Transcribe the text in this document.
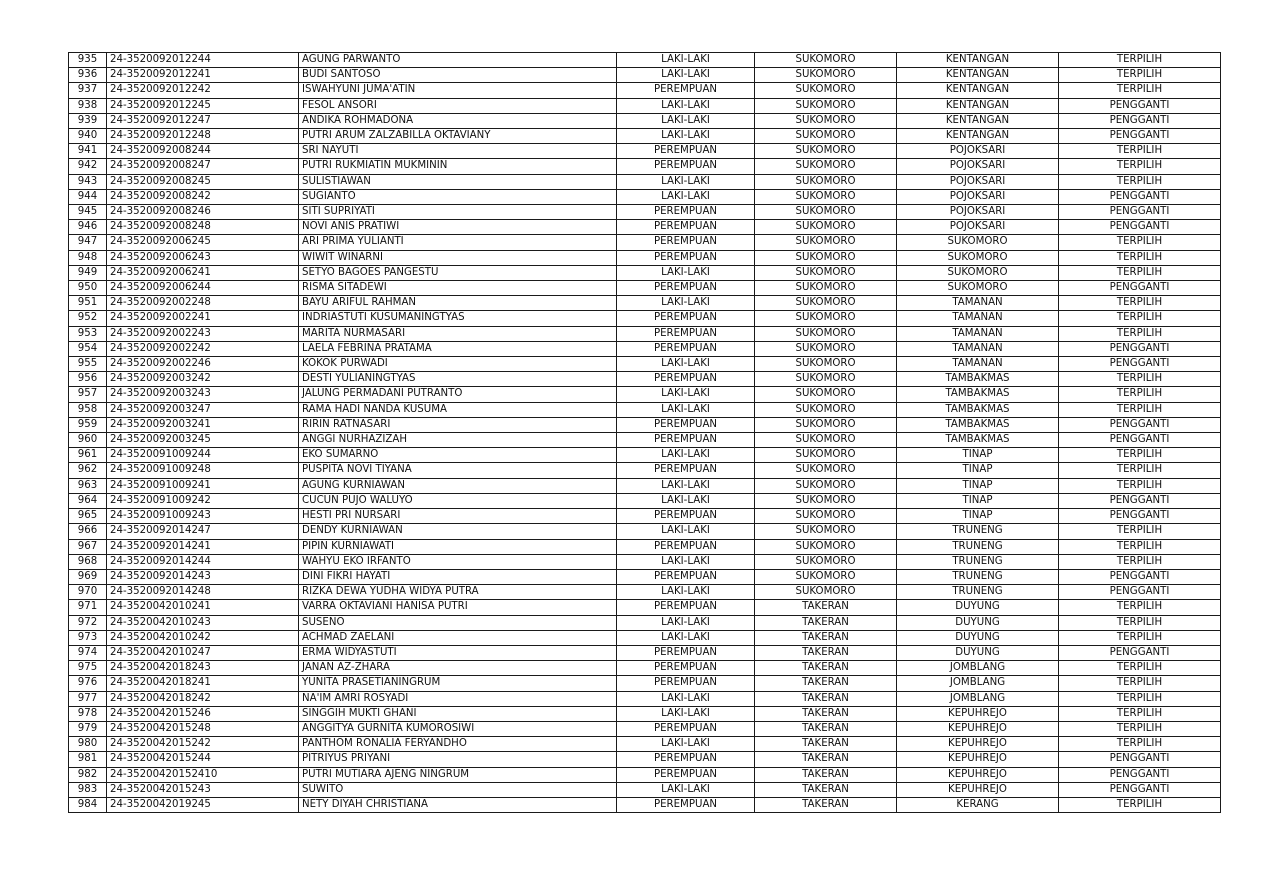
935	24-3520092012244	AGUNG PARWANTO	LAKI-LAKI	SUKOMORO	KENTANGAN	TERPILIH
936	24-3520092012241	BUDI SANTOSO	LAKI-LAKI	SUKOMORO	KENTANGAN	TERPILIH
937	24-3520092012242	ISWAHYUNI JUMA'ATIN	PEREMPUAN	SUKOMORO	KENTANGAN	TERPILIH
938	24-3520092012245	FESOL ANSORI	LAKI-LAKI	SUKOMORO	KENTANGAN	PENGGANTI
939	24-3520092012247	ANDIKA ROHMADONA	LAKI-LAKI	SUKOMORO	KENTANGAN	PENGGANTI
940	24-3520092012248	PUTRI ARUM ZALZABILLA OKTAVIANY	LAKI-LAKI	SUKOMORO	KENTANGAN	PENGGANTI
941	24-3520092008244	SRI NAYUTI	PEREMPUAN	SUKOMORO	POJOKSARI	TERPILIH
942	24-3520092008247	PUTRI RUKMIATIN MUKMININ	PEREMPUAN	SUKOMORO	POJOKSARI	TERPILIH
943	24-3520092008245	SULISTIAWAN	LAKI-LAKI	SUKOMORO	POJOKSARI	TERPILIH
944	24-3520092008242	SUGIANTO	LAKI-LAKI	SUKOMORO	POJOKSARI	PENGGANTI
945	24-3520092008246	SITI SUPRIYATI	PEREMPUAN	SUKOMORO	POJOKSARI	PENGGANTI
946	24-3520092008248	NOVI ANIS PRATIWI	PEREMPUAN	SUKOMORO	POJOKSARI	PENGGANTI
947	24-3520092006245	ARI PRIMA YULIANTI	PEREMPUAN	SUKOMORO	SUKOMORO	TERPILIH
948	24-3520092006243	WIWIT WINARNI	PEREMPUAN	SUKOMORO	SUKOMORO	TERPILIH
949	24-3520092006241	SETYO BAGOES PANGESTU	LAKI-LAKI	SUKOMORO	SUKOMORO	TERPILIH
950	24-3520092006244	RISMA SITADEWI	PEREMPUAN	SUKOMORO	SUKOMORO	PENGGANTI
951	24-3520092002248	BAYU ARIFUL RAHMAN	LAKI-LAKI	SUKOMORO	TAMANAN	TERPILIH
952	24-3520092002241	INDRIASTUTI KUSUMANINGTYAS	PEREMPUAN	SUKOMORO	TAMANAN	TERPILIH
953	24-3520092002243	MARITA NURMASARI	PEREMPUAN	SUKOMORO	TAMANAN	TERPILIH
954	24-3520092002242	LAELA FEBRINA PRATAMA	PEREMPUAN	SUKOMORO	TAMANAN	PENGGANTI
955	24-3520092002246	KOKOK PURWADI	LAKI-LAKI	SUKOMORO	TAMANAN	PENGGANTI
956	24-3520092003242	DESTI YULIANINGTYAS	PEREMPUAN	SUKOMORO	TAMBAKMAS	TERPILIH
957	24-3520092003243	JALUNG PERMADANI PUTRANTO	LAKI-LAKI	SUKOMORO	TAMBAKMAS	TERPILIH
958	24-3520092003247	RAMA HADI NANDA KUSUMA	LAKI-LAKI	SUKOMORO	TAMBAKMAS	TERPILIH
959	24-3520092003241	RIRIN RATNASARI	PEREMPUAN	SUKOMORO	TAMBAKMAS	PENGGANTI
960	24-3520092003245	ANGGI NURHAZIZAH	PEREMPUAN	SUKOMORO	TAMBAKMAS	PENGGANTI
961	24-3520091009244	EKO SUMARNO	LAKI-LAKI	SUKOMORO	TINAP	TERPILIH
962	24-3520091009248	PUSPITA NOVI TIYANA	PEREMPUAN	SUKOMORO	TINAP	TERPILIH
963	24-3520091009241	AGUNG KURNIAWAN	LAKI-LAKI	SUKOMORO	TINAP	TERPILIH
964	24-3520091009242	CUCUN PUJO WALUYO	LAKI-LAKI	SUKOMORO	TINAP	PENGGANTI
965	24-3520091009243	HESTI PRI NURSARI	PEREMPUAN	SUKOMORO	TINAP	PENGGANTI
966	24-3520092014247	DENDY KURNIAWAN	LAKI-LAKI	SUKOMORO	TRUNENG	TERPILIH
967	24-3520092014241	PIPIN KURNIAWATI	PEREMPUAN	SUKOMORO	TRUNENG	TERPILIH
968	24-3520092014244	WAHYU EKO IRFANTO	LAKI-LAKI	SUKOMORO	TRUNENG	TERPILIH
969	24-3520092014243	DINI FIKRI HAYATI	PEREMPUAN	SUKOMORO	TRUNENG	PENGGANTI
970	24-3520092014248	RIZKA DEWA YUDHA WIDYA PUTRA	LAKI-LAKI	SUKOMORO	TRUNENG	PENGGANTI
971	24-3520042010241	VARRA OKTAVIANI HANISA PUTRI	PEREMPUAN	TAKERAN	DUYUNG	TERPILIH
972	24-3520042010243	SUSENO	LAKI-LAKI	TAKERAN	DUYUNG	TERPILIH
973	24-3520042010242	ACHMAD ZAELANI	LAKI-LAKI	TAKERAN	DUYUNG	TERPILIH
974	24-3520042010247	ERMA WIDYASTUTI	PEREMPUAN	TAKERAN	DUYUNG	PENGGANTI
975	24-3520042018243	JANAN AZ-ZHARA	PEREMPUAN	TAKERAN	JOMBLANG	TERPILIH
976	24-3520042018241	YUNITA PRASETIANINGRUM	PEREMPUAN	TAKERAN	JOMBLANG	TERPILIH
977	24-3520042018242	NA'IM AMRI ROSYADI	LAKI-LAKI	TAKERAN	JOMBLANG	TERPILIH
978	24-3520042015246	SINGGIH MUKTI GHANI	LAKI-LAKI	TAKERAN	KEPUHREJO	TERPILIH
979	24-3520042015248	ANGGITYA GURNITA KUMOROSIWI	PEREMPUAN	TAKERAN	KEPUHREJO	TERPILIH
980	24-3520042015242	PANTHOM RONALIA FERYANDHO	LAKI-LAKI	TAKERAN	KEPUHREJO	TERPILIH
981	24-3520042015244	PITRIYUS PRIYANI	PEREMPUAN	TAKERAN	KEPUHREJO	PENGGANTI
982	24-35200420152410	PUTRI MUTIARA AJENG NINGRUM	PEREMPUAN	TAKERAN	KEPUHREJO	PENGGANTI
983	24-3520042015243	SUWITO	LAKI-LAKI	TAKERAN	KEPUHREJO	PENGGANTI
984	24-3520042019245	NETY DIYAH CHRISTIANA	PEREMPUAN	TAKERAN	KERANG	TERPILIH
